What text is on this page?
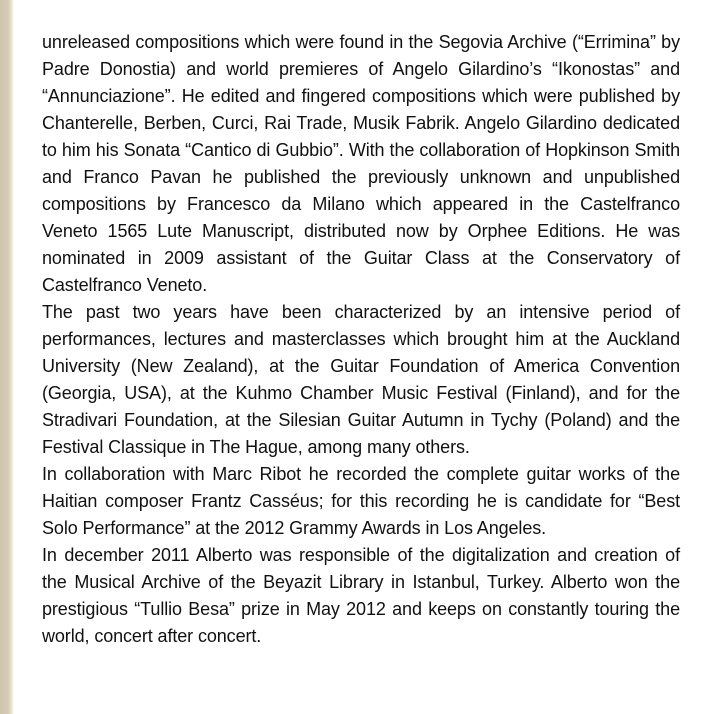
unreleased compositions which were found in the Segovia Archive (“Errimina” by Padre Donostia) and world premieres of Angelo Gilardino’s “Ikonostas” and “Annunciazione”. He edited and fingered compositions which were published by Chanterelle, Berben, Curci, Rai Trade, Musik Fabrik. Angelo Gilardino dedicated to him his Sonata “Cantico di Gubbio”. With the collaboration of Hopkinson Smith and Franco Pavan he published the previously unknown and unpublished compositions by Francesco da Milano which appeared in the Castelfranco Veneto 1565 Lute Manuscript, distributed now by Orphee Editions. He was nominated in 2009 assistant of the Guitar Class at the Conservatory of Castelfranco Veneto.

The past two years have been characterized by an intensive period of performances, lectures and masterclasses which brought him at the Auckland University (New Zealand), at the Guitar Foundation of America Convention (Georgia, USA), at the Kuhmo Chamber Music Festival (Finland), and for the Stradivari Foundation, at the Silesian Guitar Autumn in Tychy (Poland) and the Festival Classique in The Hague, among many others.

In collaboration with Marc Ribot he recorded the complete guitar works of the Haitian composer Frantz Casséus; for this recording he is candidate for “Best Solo Performance” at the 2012 Grammy Awards in Los Angeles.

In december 2011 Alberto was responsible of the digitalization and creation of the Musical Archive of the Beyazit Library in Istanbul, Turkey. Alberto won the prestigious “Tullio Besa” prize in May 2012 and keeps on constantly touring the world, concert after concert.
